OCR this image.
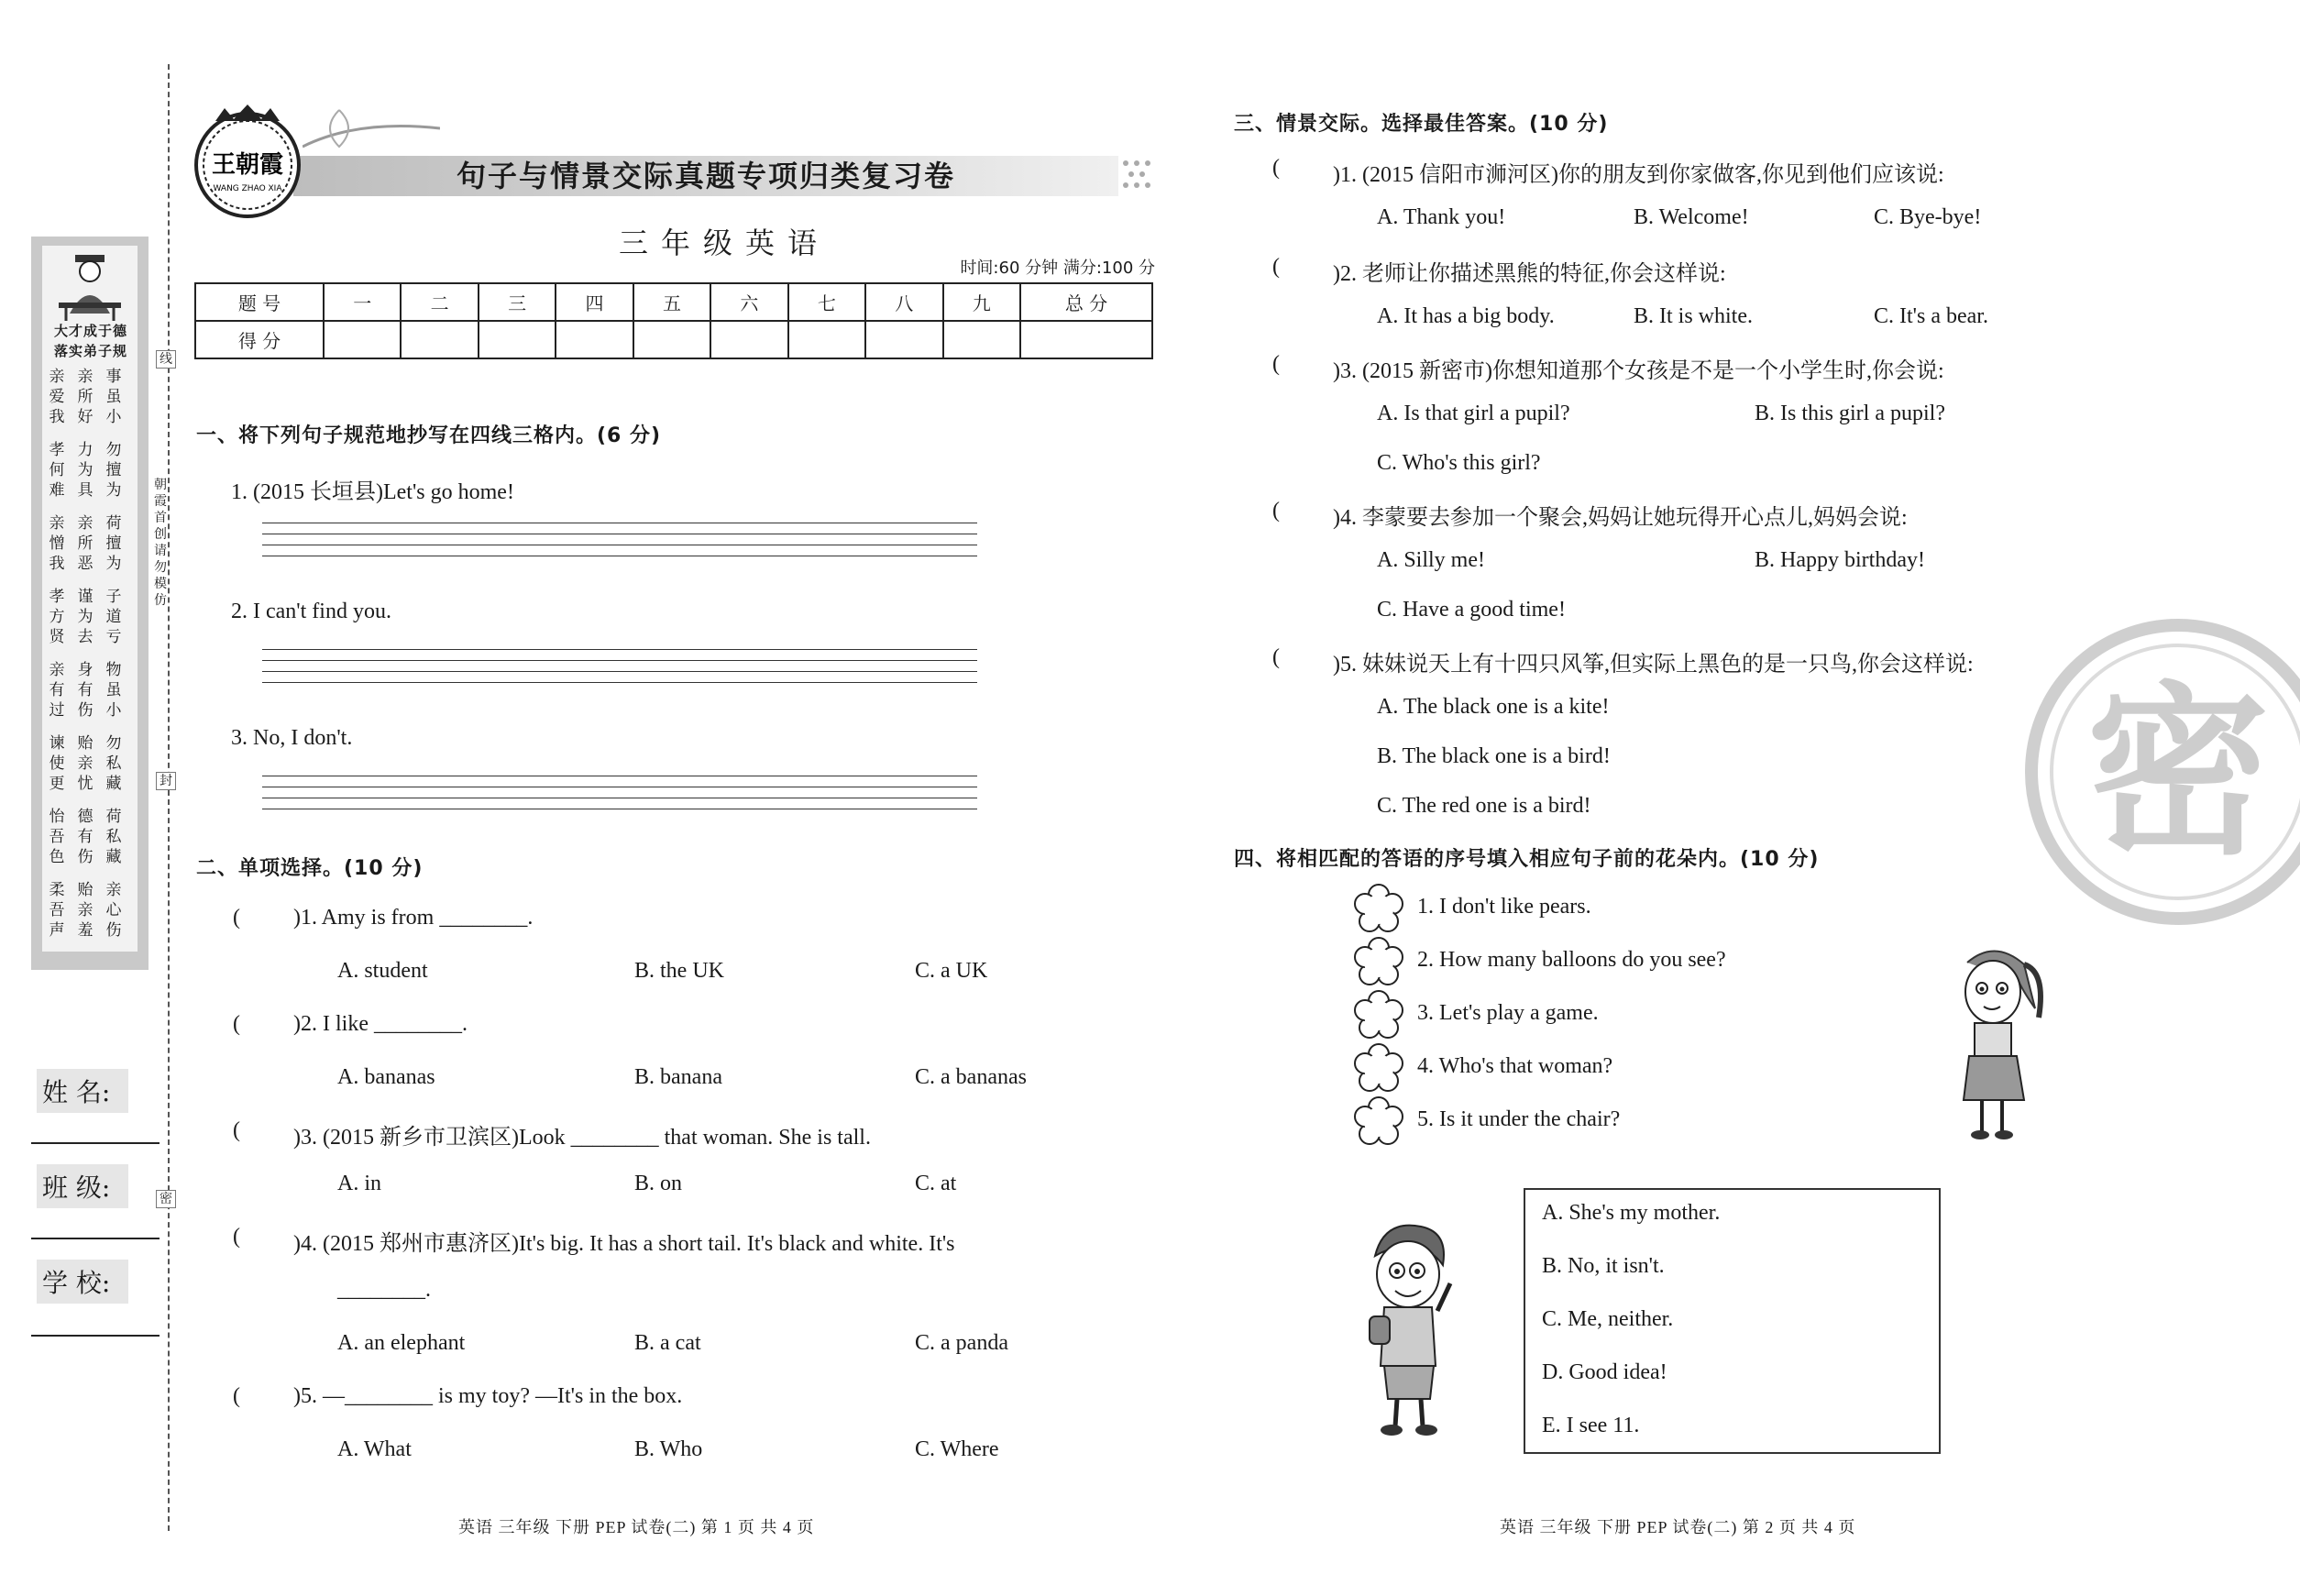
大才成于德
落实弟子规
亲亲事
爱所虽
我好小
孝力勿
何为擅
难具为
亲亲荷
憎所擅
我恶为
孝谨子
方为道
贤去亏
亲身物
有有虽
过伤小
谏贻勿
使亲私
更忧藏
怡德荷
吾有私
色伤藏
柔贻亲
吾亲心
声羞伤
姓 名:
班 级:
学 校:
线
封
密
朝霞首创 请勿模仿
句子与情景交际真题专项归类复习卷
王朝霞
WANG ZHAO XIA
三年级英语
时间:60 分钟 满分:100 分
题 号	一	二	三	四	五	六	七	八	九	总 分
得 分										
一、将下列句子规范地抄写在四线三格内。(6 分)
1. (2015 长垣县)Let's go home!
2. I can't find you.
3. No, I don't.
二、单项选择。(10 分)
( )1. Amy is from ________.
A. student	B. the UK	C. a UK
( )2. I like ________.
A. bananas	B. banana	C. a bananas
( )3. (2015 新乡市卫滨区)Look ________ that woman. She is tall.
A. in	B. on	C. at
( )4. (2015 郑州市惠济区)It's big. It has a short tail. It's black and white. It's
________.
A. an elephant	B. a cat	C. a panda
( )5. —________ is my toy? —It's in the box.
A. What	B. Who	C. Where
三、情景交际。选择最佳答案。(10 分)
( )1. (2015 信阳市浉河区)你的朋友到你家做客,你见到他们应该说:
A. Thank you!	B. Welcome!	C. Bye-bye!
( )2. 老师让你描述黑熊的特征,你会这样说:
A. It has a big body.	B. It is white.	C. It's a bear.
( )3. (2015 新密市)你想知道那个女孩是不是一个小学生时,你会说:
A. Is that girl a pupil?	B. Is this girl a pupil?
C. Who's this girl?
( )4. 李蒙要去参加一个聚会,妈妈让她玩得开心点儿,妈妈会说:
A. Silly me!	B. Happy birthday!
C. Have a good time!
( )5. 妹妹说天上有十四只风筝,但实际上黑色的是一只鸟,你会这样说:
A. The black one is a kite!
B. The black one is a bird!
C. The red one is a bird!
四、将相匹配的答语的序号填入相应句子前的花朵内。(10 分)
1. I don't like pears.
2. How many balloons do you see?
3. Let's play a game.
4. Who's that woman?
5. Is it under the chair?
A. She's my mother.
B. No, it isn't.
C. Me, neither.
D. Good idea!
E. I see 11.
密
英语 三年级 下册 PEP 试卷(二) 第 1 页 共 4 页	英语 三年级 下册 PEP 试卷(二) 第 2 页 共 4 页
